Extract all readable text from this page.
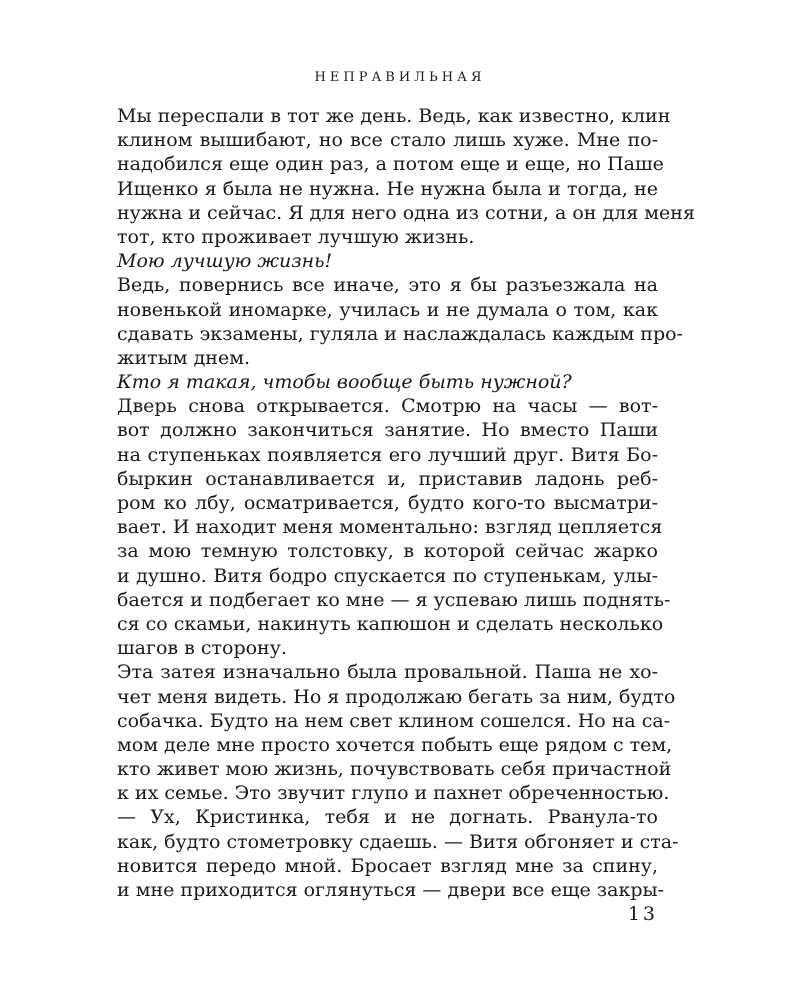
НЕПРАВИЛЬНАЯ
Мы переспали в тот же день. Ведь, как известно, клин
клином вышибают, но все стало лишь хуже. Мне по-
надобился еще один раз, а потом еще и еще, но Паше
Ищенко я была не нужна. Не нужна была и тогда, не
нужна и сейчас. Я для него одна из сотни, а он для меня
тот, кто проживает лучшую жизнь.
Мою лучшую жизнь!
Ведь, повернись все иначе, это я бы разъезжала на
новенькой иномарке, училась и не думала о том, как
сдавать экзамены, гуляла и наслаждалась каждым про-
житым днем.
Кто я такая, чтобы вообще быть нужной?
Дверь снова открывается. Смотрю на часы — вот-
вот должно закончиться занятие. Но вместо Паши
на ступеньках появляется его лучший друг. Витя Бо-
быркин останавливается и, приставив ладонь реб-
ром ко лбу, осматривается, будто кого-то высматри-
вает. И находит меня моментально: взгляд цепляется
за мою темную толстовку, в которой сейчас жарко
и душно. Витя бодро спускается по ступенькам, улы-
бается и подбегает ко мне — я успеваю лишь поднять-
ся со скамьи, накинуть капюшон и сделать несколько
шагов в сторону.
Эта затея изначально была провальной. Паша не хо-
чет меня видеть. Но я продолжаю бегать за ним, будто
собачка. Будто на нем свет клином сошелся. Но на са-
мом деле мне просто хочется побыть еще рядом с тем,
кто живет мою жизнь, почувствовать себя причастной
к их семье. Это звучит глупо и пахнет обреченностью.
— Ух, Кристинка, тебя и не догнать. Рванула-то
как, будто стометровку сдаешь. — Витя обгоняет и ста-
новится передо мной. Бросает взгляд мне за спину,
и мне приходится оглянуться — двери все еще закры-
13
